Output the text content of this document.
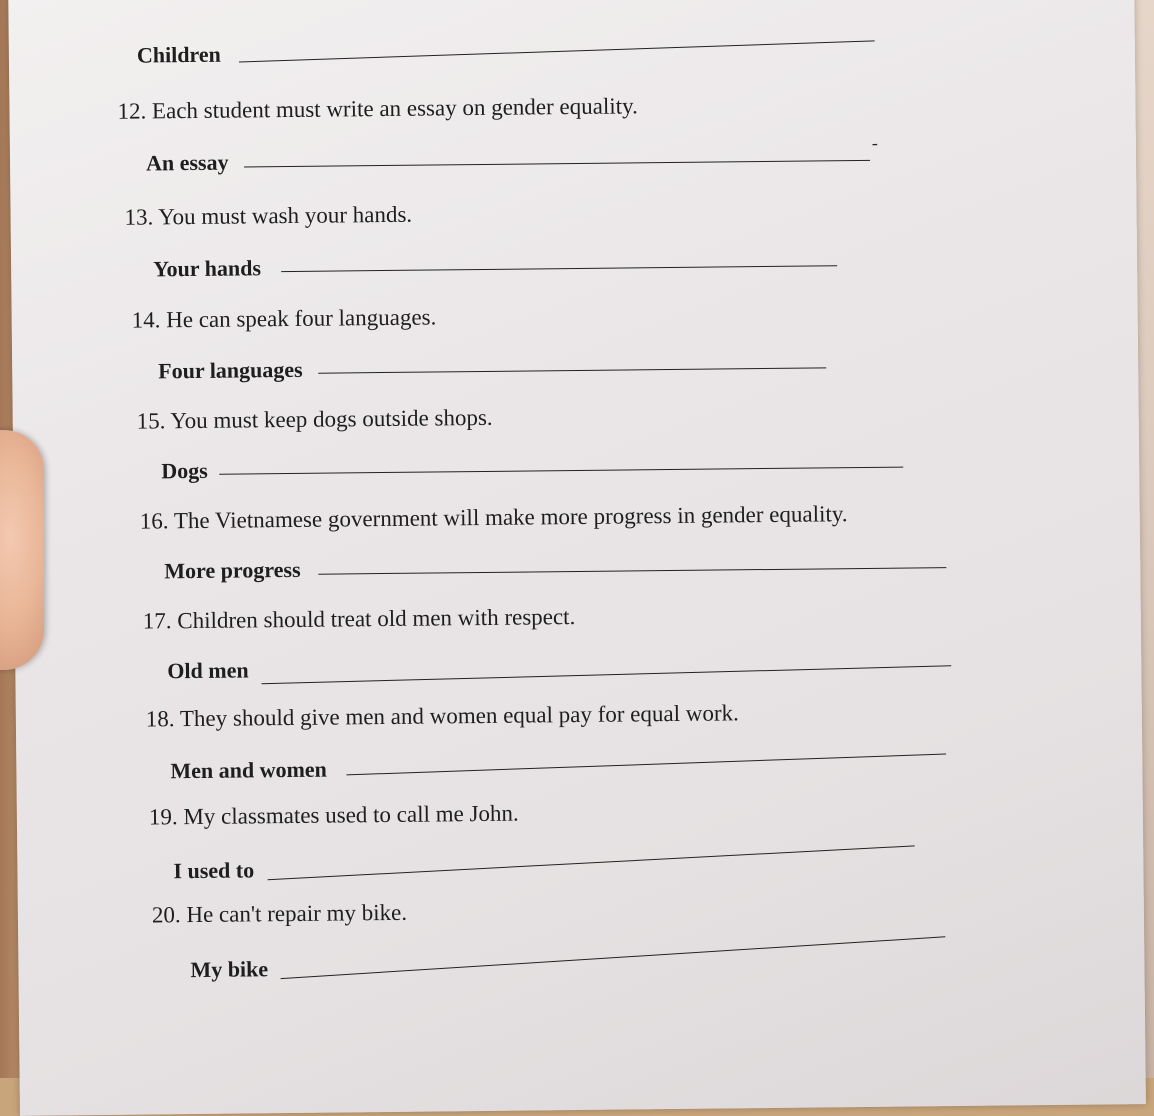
Children
12. Each student must write an essay on gender equality.
An essay
-
13. You must wash your hands.
Your hands
14. He can speak four languages.
Four languages
15. You must keep dogs outside shops.
Dogs
16. The Vietnamese government will make more progress in gender equality.
More progress
17. Children should treat old men with respect.
Old men
18. They should give men and women equal pay for equal work.
Men and women
19. My classmates used to call me John.
I used to
20. He can't repair my bike.
My bike
